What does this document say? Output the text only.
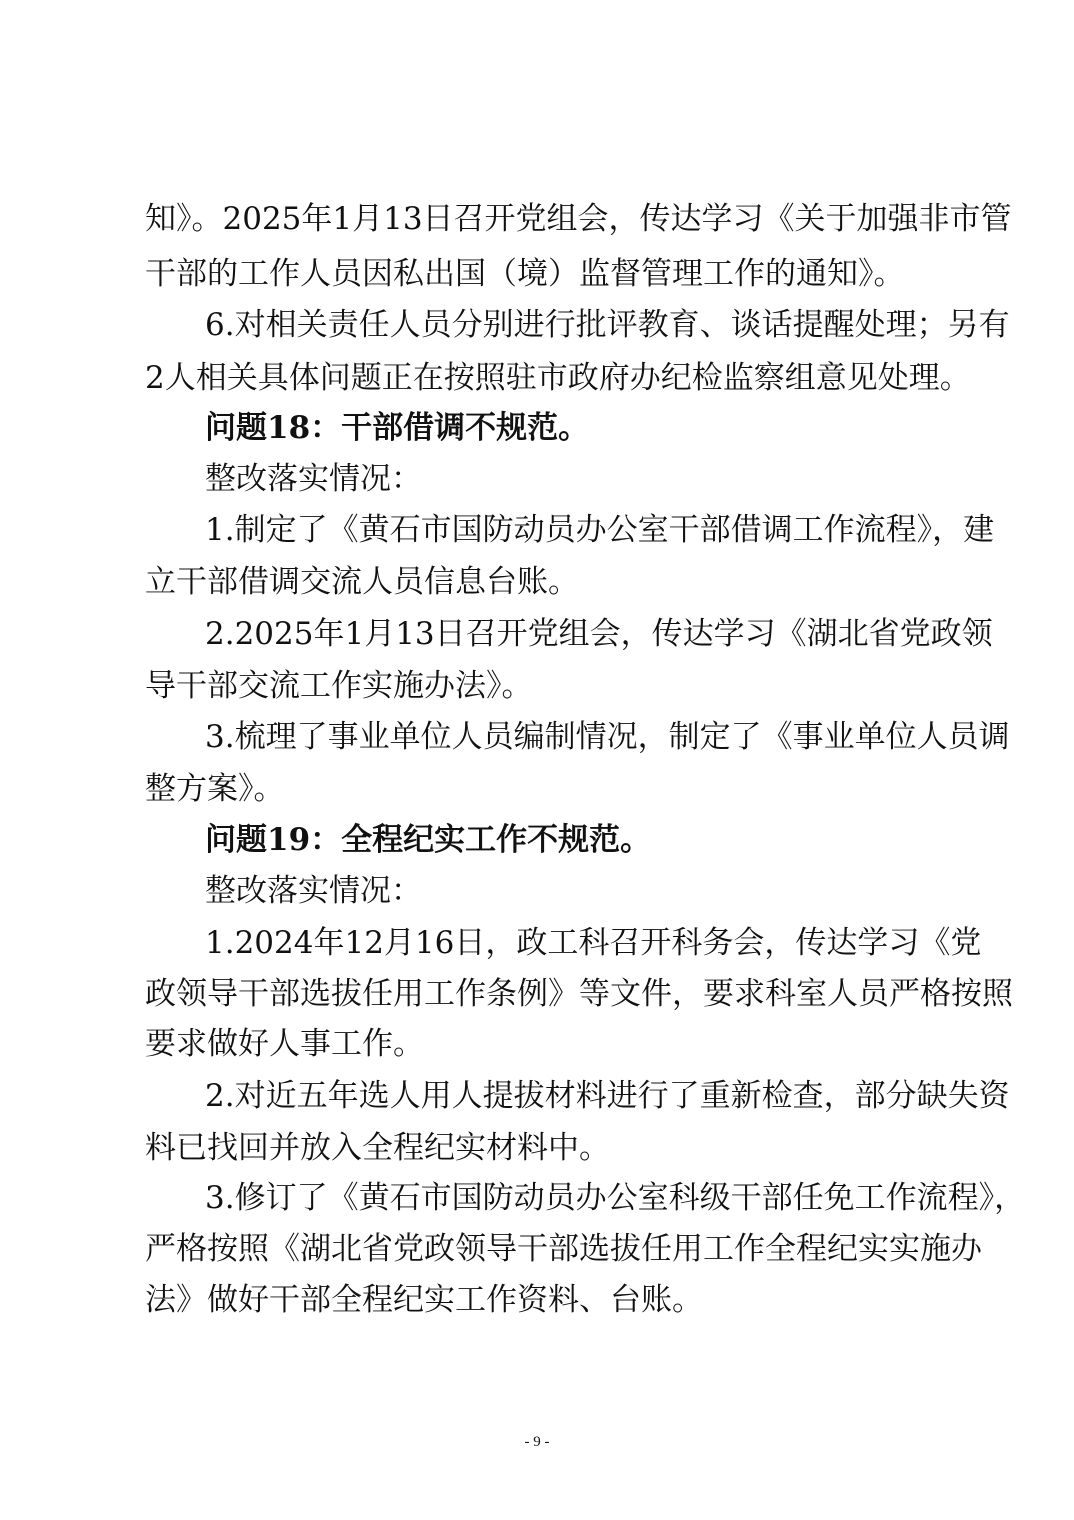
知》。2025年1月13日召开党组会，传达学习《关于加强非市管
干部的工作人员因私出国（境）监督管理工作的通知》。
6.对相关责任人员分别进行批评教育、谈话提醒处理；另有
2人相关具体问题正在按照驻市政府办纪检监察组意见处理。
问题18：干部借调不规范。
整改落实情况：
1.制定了《黄石市国防动员办公室干部借调工作流程》，建
立干部借调交流人员信息台账。
2.2025年1月13日召开党组会，传达学习《湖北省党政领
导干部交流工作实施办法》。
3.梳理了事业单位人员编制情况，制定了《事业单位人员调
整方案》。
问题19：全程纪实工作不规范。
整改落实情况：
1.2024年12月16日，政工科召开科务会，传达学习《党
政领导干部选拔任用工作条例》等文件，要求科室人员严格按照
要求做好人事工作。
2.对近五年选人用人提拔材料进行了重新检查，部分缺失资
料已找回并放入全程纪实材料中。
3.修订了《黄石市国防动员办公室科级干部任免工作流程》，
严格按照《湖北省党政领导干部选拔任用工作全程纪实实施办
法》做好干部全程纪实工作资料、台账。
- 9 -
